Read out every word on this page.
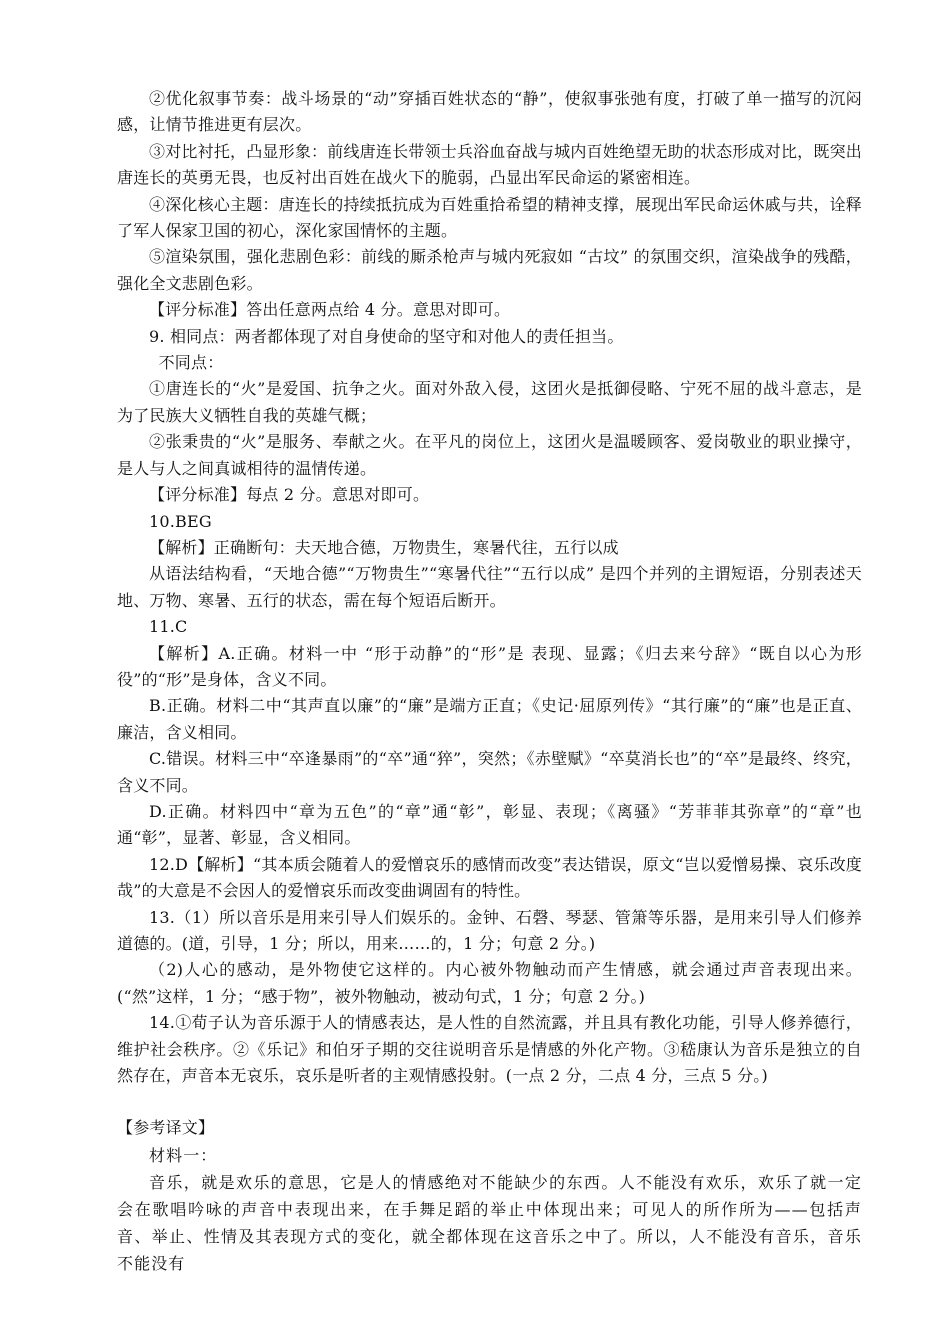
②优化叙事节奏：战斗场景的“动”穿插百姓状态的“静”，使叙事张弛有度，打破了单一描写的沉闷感，让情节推进更有层次。

③对比衬托，凸显形象：前线唐连长带领士兵浴血奋战与城内百姓绝望无助的状态形成对比，既突出唐连长的英勇无畏，也反衬出百姓在战火下的脆弱，凸显出军民命运的紧密相连。

④深化核心主题：唐连长的持续抵抗成为百姓重拾希望的精神支撑，展现出军民命运休戚与共，诠释了军人保家卫国的初心，深化家国情怀的主题。

⑤渲染氛围，强化悲剧色彩：前线的厮杀枪声与城内死寂如 “古坟” 的氛围交织，渲染战争的残酷，强化全文悲剧色彩。

【评分标准】答出任意两点给 4 分。意思对即可。

9. 相同点：两者都体现了对自身使命的坚守和对他人的责任担当。

不同点：

①唐连长的“火”是爱国、抗争之火。面对外敌入侵，这团火是抵御侵略、宁死不屈的战斗意志，是为了民族大义牺牲自我的英雄气概；

②张秉贵的“火”是服务、奉献之火。在平凡的岗位上，这团火是温暖顾客、爱岗敬业的职业操守，是人与人之间真诚相待的温情传递。

【评分标准】每点 2 分。意思对即可。

10.BEG

【解析】正确断句：夫天地合德，万物贵生，寒暑代往，五行以成

从语法结构看，“天地合德”“万物贵生”“寒暑代往”“五行以成” 是四个并列的主谓短语，分别表述天地、万物、寒暑、五行的状态，需在每个短语后断开。

11.C

【解析】A.正确。材料一中 “形于动静”的“形”是 表现、显露；《归去来兮辞》“既自以心为形役”的“形”是身体，含义不同。

B.正确。材料二中“其声直以廉”的“廉”是端方正直；《史记·屈原列传》“其行廉”的“廉”也是正直、廉洁，含义相同。

C.错误。材料三中“卒逢暴雨”的“卒”通“猝”，突然；《赤壁赋》“卒莫消长也”的“卒”是最终、终究，含义不同。

D.正确。材料四中“章为五色”的“章”通“彰”，彰显、表现；《离骚》“芳菲菲其弥章”的“章”也通“彰”，显著、彰显，含义相同。

12.D【解析】“其本质会随着人的爱憎哀乐的感情而改变”表达错误，原文“岂以爱憎易操、哀乐改度哉”的大意是不会因人的爱憎哀乐而改变曲调固有的特性。

13.（1）所以音乐是用来引导人们娱乐的。金钟、石磬、琴瑟、管箫等乐器，是用来引导人们修养道德的。(道，引导，1 分；所以，用来……的，1 分；句意 2 分。)

（2)人心的感动，是外物使它这样的。内心被外物触动而产生情感，就会通过声音表现出来。(“然”这样，1 分；“感于物”，被外物触动，被动句式，1 分；句意 2 分。)

14.①荀子认为音乐源于人的情感表达，是人性的自然流露，并且具有教化功能，引导人修养德行，维护社会秩序。②《乐记》和伯牙子期的交往说明音乐是情感的外化产物。③嵇康认为音乐是独立的自然存在，声音本无哀乐，哀乐是听者的主观情感投射。(一点 2 分，二点 4 分，三点 5 分。)

【参考译文】

材料一：

音乐，就是欢乐的意思，它是人的情感绝对不能缺少的东西。人不能没有欢乐，欢乐了就一定会在歌唱吟咏的声音中表现出来，在手舞足蹈的举止中体现出来；可见人的所作所为——包括声音、举止、性情及其表现方式的变化，就全都体现在这音乐之中了。所以，人不能没有音乐，音乐不能没有
